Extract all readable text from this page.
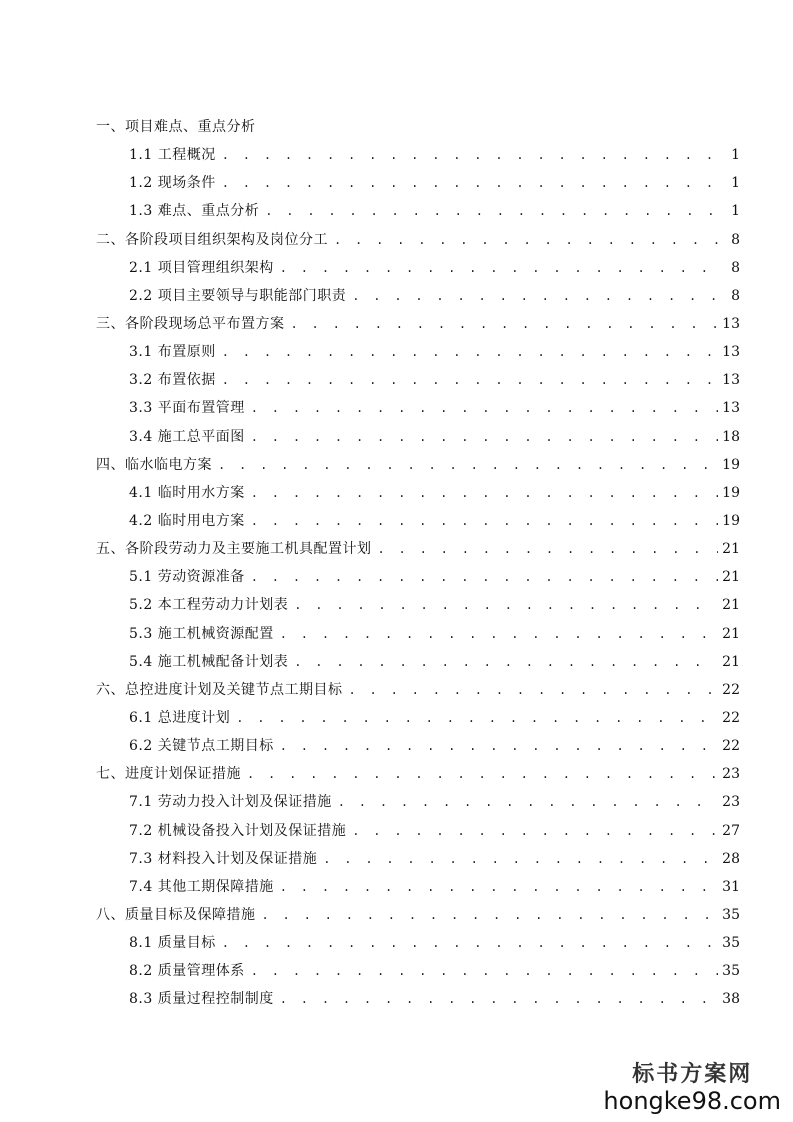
一、项目难点、重点分析
1.1 工程概况 . . .	1
1.2 现场条件 . . .	1
1.3 难点、重点分析 . . .	1
二、各阶段项目组织架构及岗位分工 . . .	8
2.1 项目管理组织架构 . . .	8
2.2 项目主要领导与职能部门职责 . . .	8
三、各阶段现场总平布置方案 . . .	13
3.1 布置原则 . . .	13
3.2 布置依据 . . .	13
3.3 平面布置管理 . . .	13
3.4 施工总平面图 . . .	18
四、临水临电方案 . . .	19
4.1 临时用水方案 . . .	19
4.2 临时用电方案 . . .	19
五、各阶段劳动力及主要施工机具配置计划 . . .	21
5.1 劳动资源准备 . . .	21
5.2 本工程劳动力计划表 . . .	21
5.3 施工机械资源配置 . . .	21
5.4 施工机械配备计划表 . . .	21
六、总控进度计划及关键节点工期目标 . . .	22
6.1 总进度计划 . . .	22
6.2 关键节点工期目标 . . .	22
七、进度计划保证措施 . . .	23
7.1 劳动力投入计划及保证措施 . . .	23
7.2 机械设备投入计划及保证措施 . . .	27
7.3 材料投入计划及保证措施 . . .	28
7.4 其他工期保障措施 . . .	31
八、质量目标及保障措施 . . .	35
8.1 质量目标 . . .	35
8.2 质量管理体系 . . .	35
8.3 质量过程控制制度 . . .	38
标书方案网
hongke98.com
